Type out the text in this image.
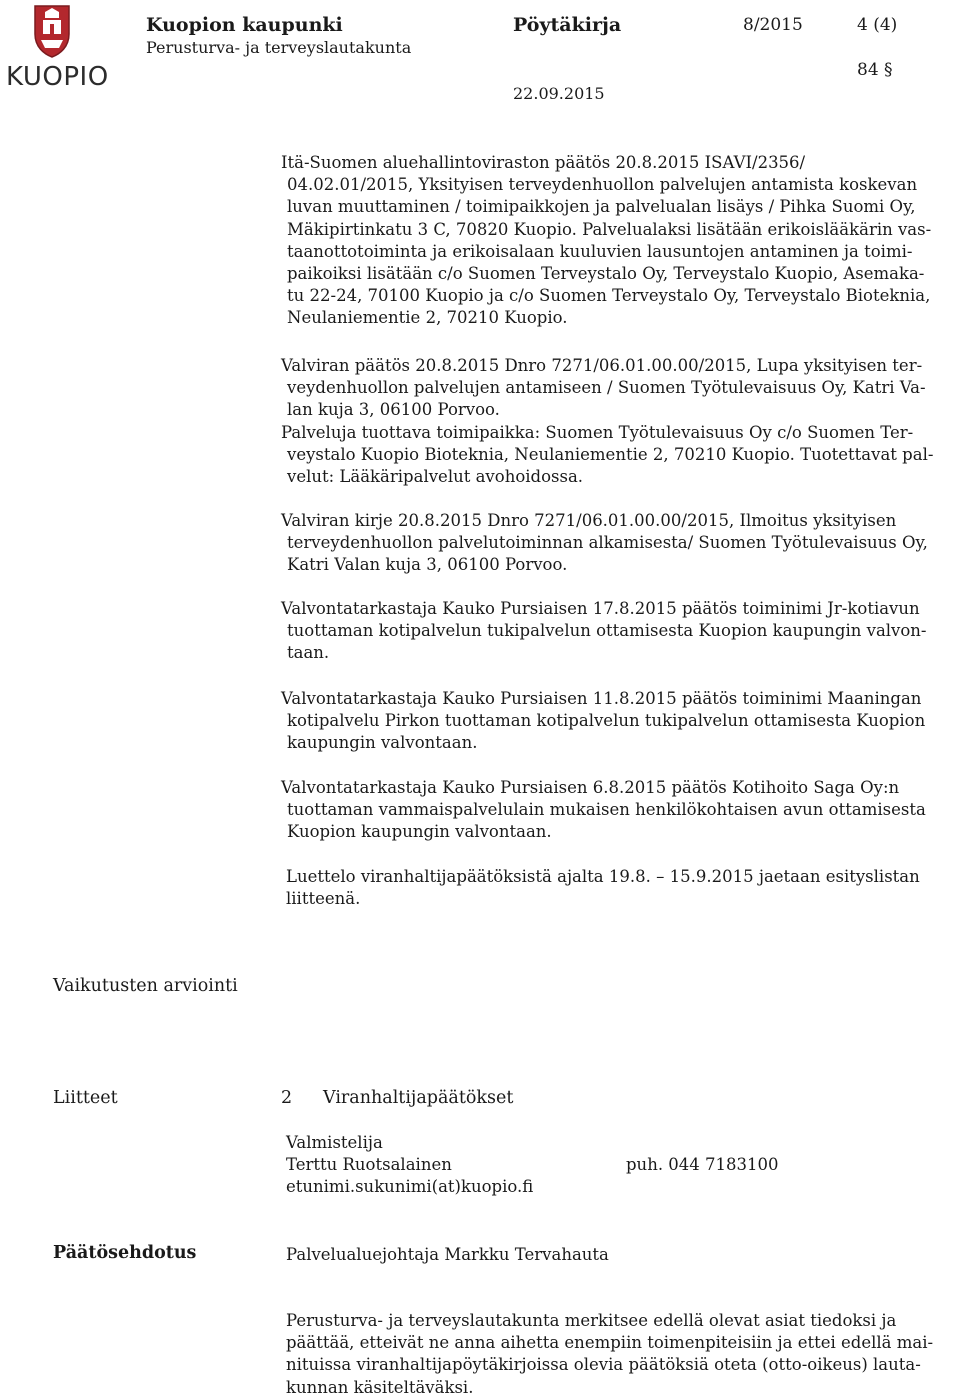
KUOPIO
Kuopion kaupunki
Perusturva- ja terveyslautakunta
Pöytäkirja	8/2015	4 (4)
84 §
22.09.2015
Itä-Suomen aluehallintoviraston päätös 20.8.2015 ISAVI/2356/
04.02.01/2015, Yksityisen terveydenhuollon palvelujen antamista koskevan
luvan muuttaminen / toimipaikkojen ja palvelualan lisäys / Pihka Suomi Oy,
Mäkipirtinkatu 3 C, 70820 Kuopio. Palvelualaksi lisätään erikoislääkärin vas-
taanottotoiminta ja erikoisalaan kuuluvien lausuntojen antaminen ja toimi-
paikoiksi lisätään c/o Suomen Terveystalo Oy, Terveystalo Kuopio, Asemaka-
tu 22-24, 70100 Kuopio ja c/o Suomen Terveystalo Oy, Terveystalo Bioteknia,
Neulaniementie 2, 70210 Kuopio.
Valviran päätös 20.8.2015 Dnro 7271/06.01.00.00/2015, Lupa yksityisen ter-
veydenhuollon palvelujen antamiseen / Suomen Työtulevaisuus Oy, Katri Va-
lan kuja 3, 06100 Porvoo.
Palveluja tuottava toimipaikka: Suomen Työtulevaisuus Oy c/o Suomen Ter-
veystalo Kuopio Bioteknia, Neulaniementie 2, 70210 Kuopio. Tuotettavat pal-
velut: Lääkäripalvelut avohoidossa.
Valviran kirje 20.8.2015 Dnro 7271/06.01.00.00/2015, Ilmoitus yksityisen
terveydenhuollon palvelutoiminnan alkamisesta/ Suomen Työtulevaisuus Oy,
Katri Valan kuja 3, 06100 Porvoo.
Valvontatarkastaja Kauko Pursiaisen 17.8.2015 päätös toiminimi Jr-kotiavun
tuottaman kotipalvelun tukipalvelun ottamisesta Kuopion kaupungin valvon-
taan.
Valvontatarkastaja Kauko Pursiaisen 11.8.2015 päätös toiminimi Maaningan
kotipalvelu Pirkon tuottaman kotipalvelun tukipalvelun ottamisesta Kuopion
kaupungin valvontaan.
Valvontatarkastaja Kauko Pursiaisen 6.8.2015 päätös Kotihoito Saga Oy:n
tuottaman vammaispalvelulain mukaisen henkilökohtaisen avun ottamisesta
Kuopion kaupungin valvontaan.
Luettelo viranhaltijapäätöksistä ajalta 19.8. – 15.9.2015 jaetaan esityslistan
liitteenä.
Vaikutusten arviointi
Liitteet	2 Viranhaltijapäätökset
Valmistelija
Terttu Ruotsalainen
etunimi.sukunimi(at)kuopio.fi
puh. 044 7183100
Päätösehdotus	Palvelualuejohtaja Markku Tervahauta
Perusturva- ja terveyslautakunta merkitsee edellä olevat asiat tiedoksi ja
päättää, etteivät ne anna aihetta enempiin toimenpiteisiin ja ettei edellä mai-
nituissa viranhaltijapöytäkirjoissa olevia päätöksiä oteta (otto-oikeus) lauta-
kunnan käsiteltäväksi.
